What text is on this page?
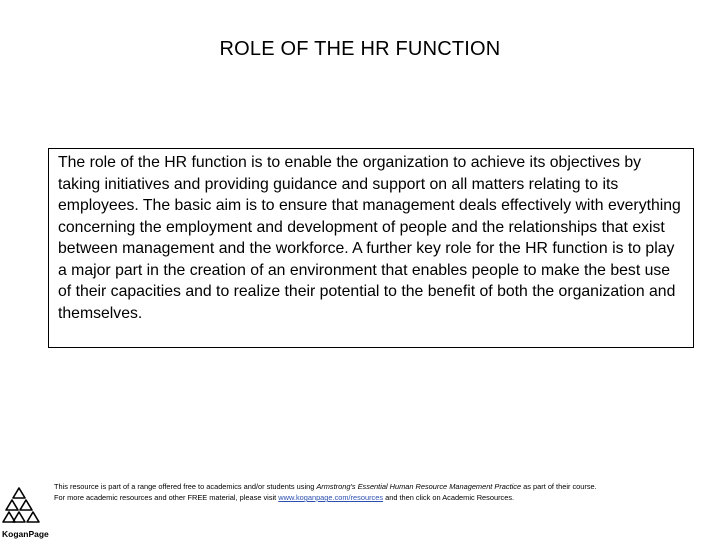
ROLE OF THE HR FUNCTION

The role of the HR function is to enable the organization to achieve its objectives by taking initiatives and providing guidance and support on all matters relating to its employees. The basic aim is to ensure that management deals effectively with everything concerning the employment and development of people and the relationships that exist between management and the workforce. A further key role for the HR function is to play a major part in the creation of an environment that enables people to make the best use of their capacities and to realize their potential to the benefit of both the organization and themselves.

KoganPage
This resource is part of a range offered free to academics and/or students using Armstrong's Essential Human Resource Management Practice as part of their course.
For more academic resources and other FREE material, please visit www.koganpage.com/resources and then click on Academic Resources.
